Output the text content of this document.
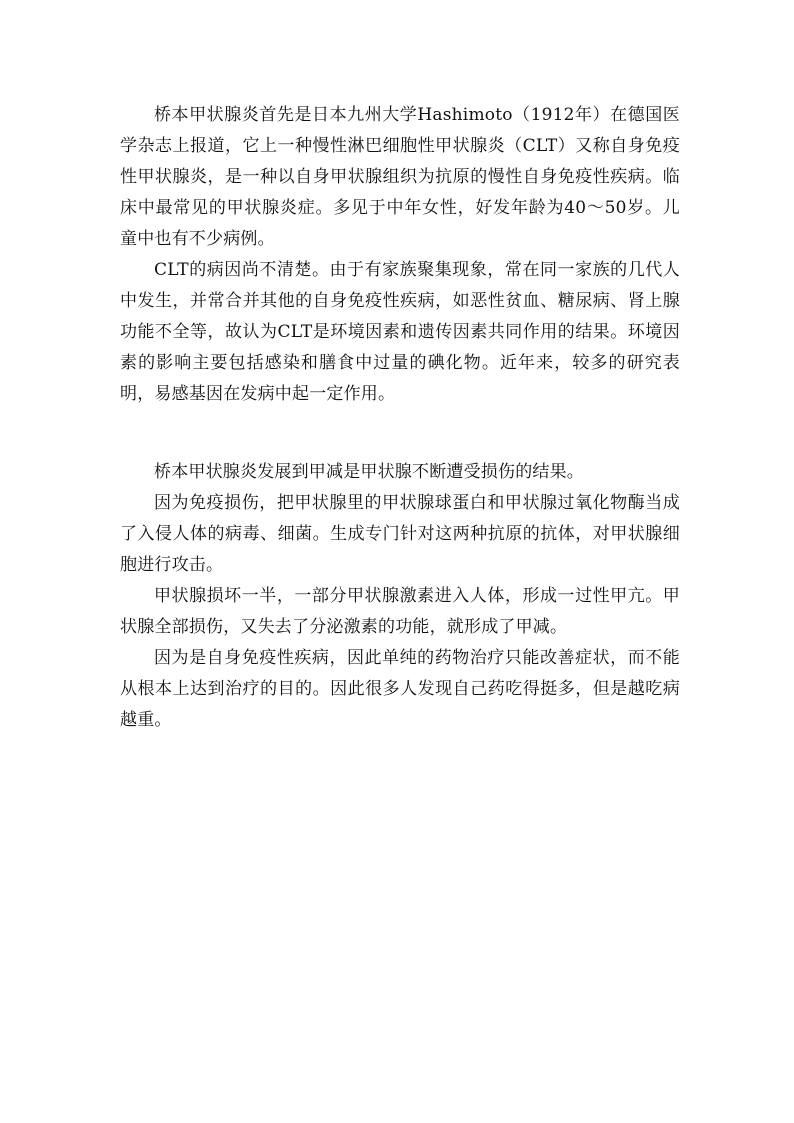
桥本甲状腺炎首先是日本九州大学Hashimoto（1912年）在德国医学杂志上报道，它上一种慢性淋巴细胞性甲状腺炎（CLT）又称自身免疫性甲状腺炎，是一种以自身甲状腺组织为抗原的慢性自身免疫性疾病。临床中最常见的甲状腺炎症。多见于中年女性，好发年龄为40～50岁。儿童中也有不少病例。

CLT的病因尚不清楚。由于有家族聚集现象，常在同一家族的几代人中发生，并常合并其他的自身免疫性疾病，如恶性贫血、糖尿病、肾上腺功能不全等，故认为CLT是环境因素和遗传因素共同作用的结果。环境因素的影响主要包括感染和膳食中过量的碘化物。近年来，较多的研究表明，易感基因在发病中起一定作用。

桥本甲状腺炎发展到甲减是甲状腺不断遭受损伤的结果。

因为免疫损伤，把甲状腺里的甲状腺球蛋白和甲状腺过氧化物酶当成了入侵人体的病毒、细菌。生成专门针对这两种抗原的抗体，对甲状腺细胞进行攻击。

甲状腺损坏一半，一部分甲状腺激素进入人体，形成一过性甲亢。甲状腺全部损伤，又失去了分泌激素的功能，就形成了甲减。

因为是自身免疫性疾病，因此单纯的药物治疗只能改善症状，而不能从根本上达到治疗的目的。因此很多人发现自己药吃得挺多，但是越吃病越重。
